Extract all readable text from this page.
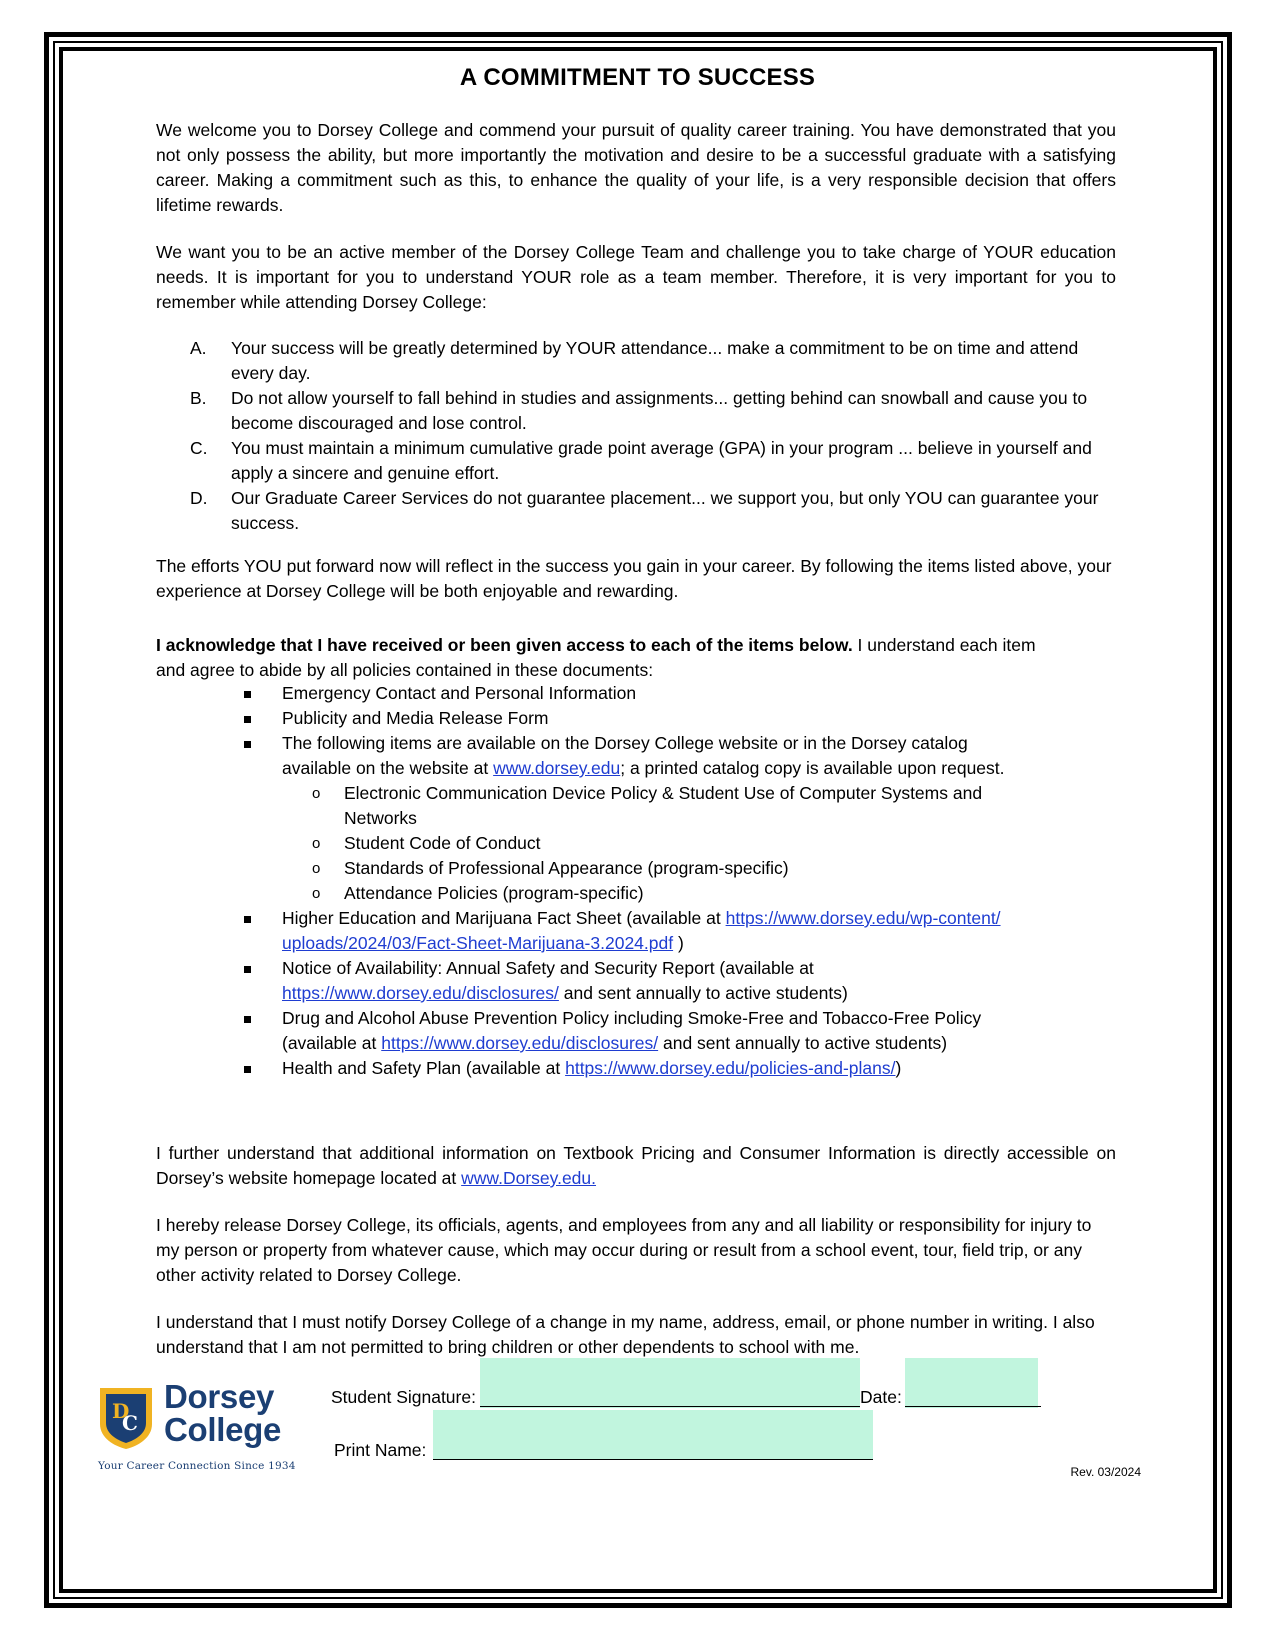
A COMMITMENT TO SUCCESS

We welcome you to Dorsey College and commend your pursuit of quality career training. You have demonstrated that you not only possess the ability, but more importantly the motivation and desire to be a successful graduate with a satisfying career. Making a commitment such as this, to enhance the quality of your life, is a very responsible decision that offers lifetime rewards.

We want you to be an active member of the Dorsey College Team and challenge you to take charge of YOUR education needs. It is important for you to understand YOUR role as a team member. Therefore, it is very important for you to remember while attending Dorsey College:

A. Your success will be greatly determined by YOUR attendance... make a commitment to be on time and attend every day.
B. Do not allow yourself to fall behind in studies and assignments... getting behind can snowball and cause you to become discouraged and lose control.
C. You must maintain a minimum cumulative grade point average (GPA) in your program ... believe in yourself and apply a sincere and genuine effort.
D. Our Graduate Career Services do not guarantee placement... we support you, but only YOU can guarantee your success.

The efforts YOU put forward now will reflect in the success you gain in your career. By following the items listed above, your experience at Dorsey College will be both enjoyable and rewarding.

I acknowledge that I have received or been given access to each of the items below. I understand each item and agree to abide by all policies contained in these documents:

Emergency Contact and Personal Information
Publicity and Media Release Form
The following items are available on the Dorsey College website or in the Dorsey catalog available on the website at www.dorsey.edu; a printed catalog copy is available upon request.
o Electronic Communication Device Policy & Student Use of Computer Systems and Networks
o Student Code of Conduct
o Standards of Professional Appearance (program-specific)
o Attendance Policies (program-specific)
Higher Education and Marijuana Fact Sheet (available at https://www.dorsey.edu/wp-content/uploads/2024/03/Fact-Sheet-Marijuana-3.2024.pdf )
Notice of Availability: Annual Safety and Security Report (available at https://www.dorsey.edu/disclosures/ and sent annually to active students)
Drug and Alcohol Abuse Prevention Policy including Smoke-Free and Tobacco-Free Policy (available at https://www.dorsey.edu/disclosures/ and sent annually to active students)
Health and Safety Plan (available at https://www.dorsey.edu/policies-and-plans/)

I further understand that additional information on Textbook Pricing and Consumer Information is directly accessible on Dorsey’s website homepage located at www.Dorsey.edu.

I hereby release Dorsey College, its officials, agents, and employees from any and all liability or responsibility for injury to my person or property from whatever cause, which may occur during or result from a school event, tour, field trip, or any other activity related to Dorsey College.

I understand that I must notify Dorsey College of a change in my name, address, email, or phone number in writing. I also understand that I am not permitted to bring children or other dependents to school with me.

D
C
Dorsey
College
Your Career Connection Since 1934
Student Signature:	Date:
Print Name:
Rev. 03/2024
